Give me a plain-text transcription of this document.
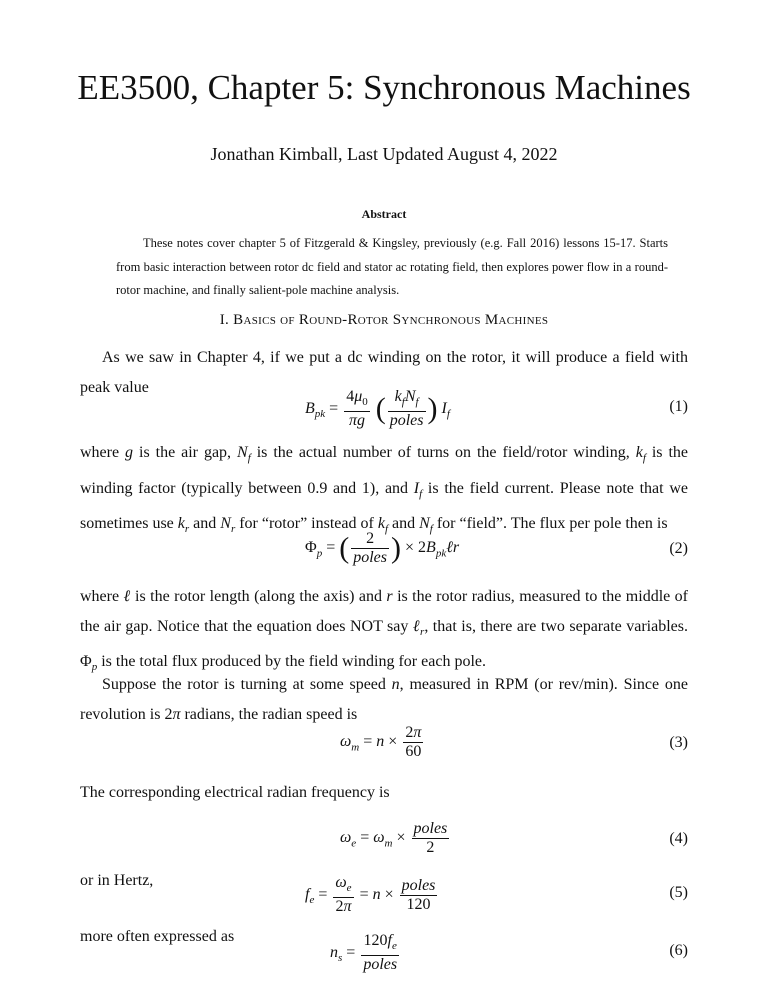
EE3500, Chapter 5: Synchronous Machines
Jonathan Kimball, Last Updated August 4, 2022
Abstract
These notes cover chapter 5 of Fitzgerald & Kingsley, previously (e.g. Fall 2016) lessons 15-17. Starts from basic interaction between rotor dc field and stator ac rotating field, then explores power flow in a round-rotor machine, and finally salient-pole machine analysis.
I. Basics of Round-Rotor Synchronous Machines
As we saw in Chapter 4, if we put a dc winding on the rotor, it will produce a field with peak value
$B_{pk} = \frac{4\mu_0}{\pi g}$ ( $\frac{k_fN_f}{\text{poles}}$ ) $I_f$	(1)
where g is the air gap, $N_f$ is the actual number of turns on the field/rotor winding, $k_f$ is the winding factor (typically between 0.9 and 1), and $I_f$ is the field current. Please note that we sometimes use $k_r$ and $N_r$ for “rotor” instead of $k_f$ and $N_f$ for “field”. The flux per pole then is
$\Phi_p$ = ( $\frac{2}{\text{poles}}$ ) × $2B_{pk}\ell r$	(2)
where ℓ is the rotor length (along the axis) and r is the rotor radius, measured to the middle of the air gap. Notice that the equation does NOT say ℓ$_r$, that is, there are two separate variables. $\Phi_p$ is the total flux produced by the field winding for each pole.
Suppose the rotor is turning at some speed n, measured in RPM (or rev/min). Since one revolution is 2π radians, the radian speed is
$\omega_m = n \times \frac{2\pi}{60}$	(3)
The corresponding electrical radian frequency is
$\omega_e = \omega_m \times \frac{\text{poles}}{2}$	(4)
or in Hertz,
$f_e = \frac{\omega_e}{2\pi} = n \times \frac{\text{poles}}{120}$	(5)
more often expressed as
$n_s = \frac{120f_e}{\text{poles}}$	(6)
